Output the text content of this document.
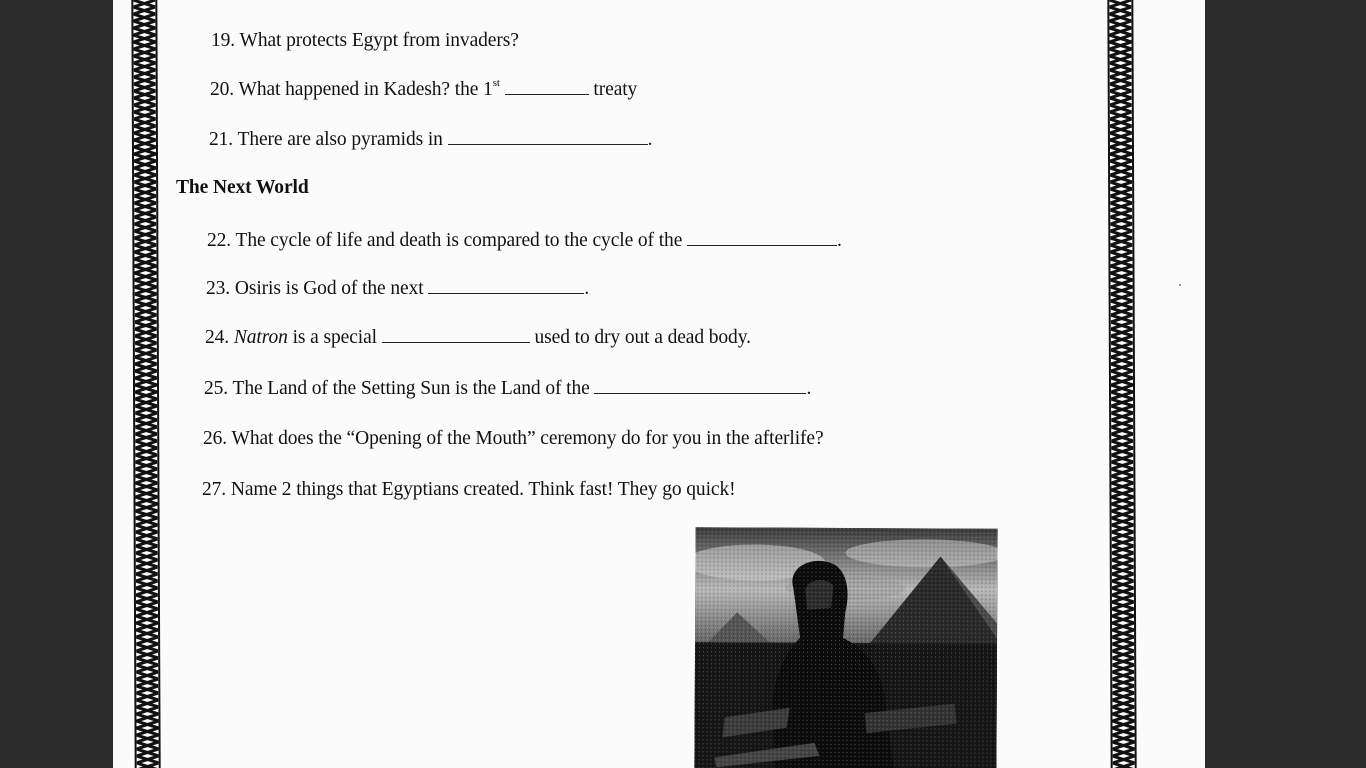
19. What protects Egypt from invaders?
20. What happened in Kadesh? the 1st	treaty
21. There are also pyramids in	.
The Next World
22. The cycle of life and death is compared to the cycle of the	.
23. Osiris is God of the next	.
24. Natron is a special	used to dry out a dead body.
25. The Land of the Setting Sun is the Land of the	.
26. What does the “Opening of the Mouth” ceremony do for you in the afterlife?
27. Name 2 things that Egyptians created. Think fast! They go quick!
